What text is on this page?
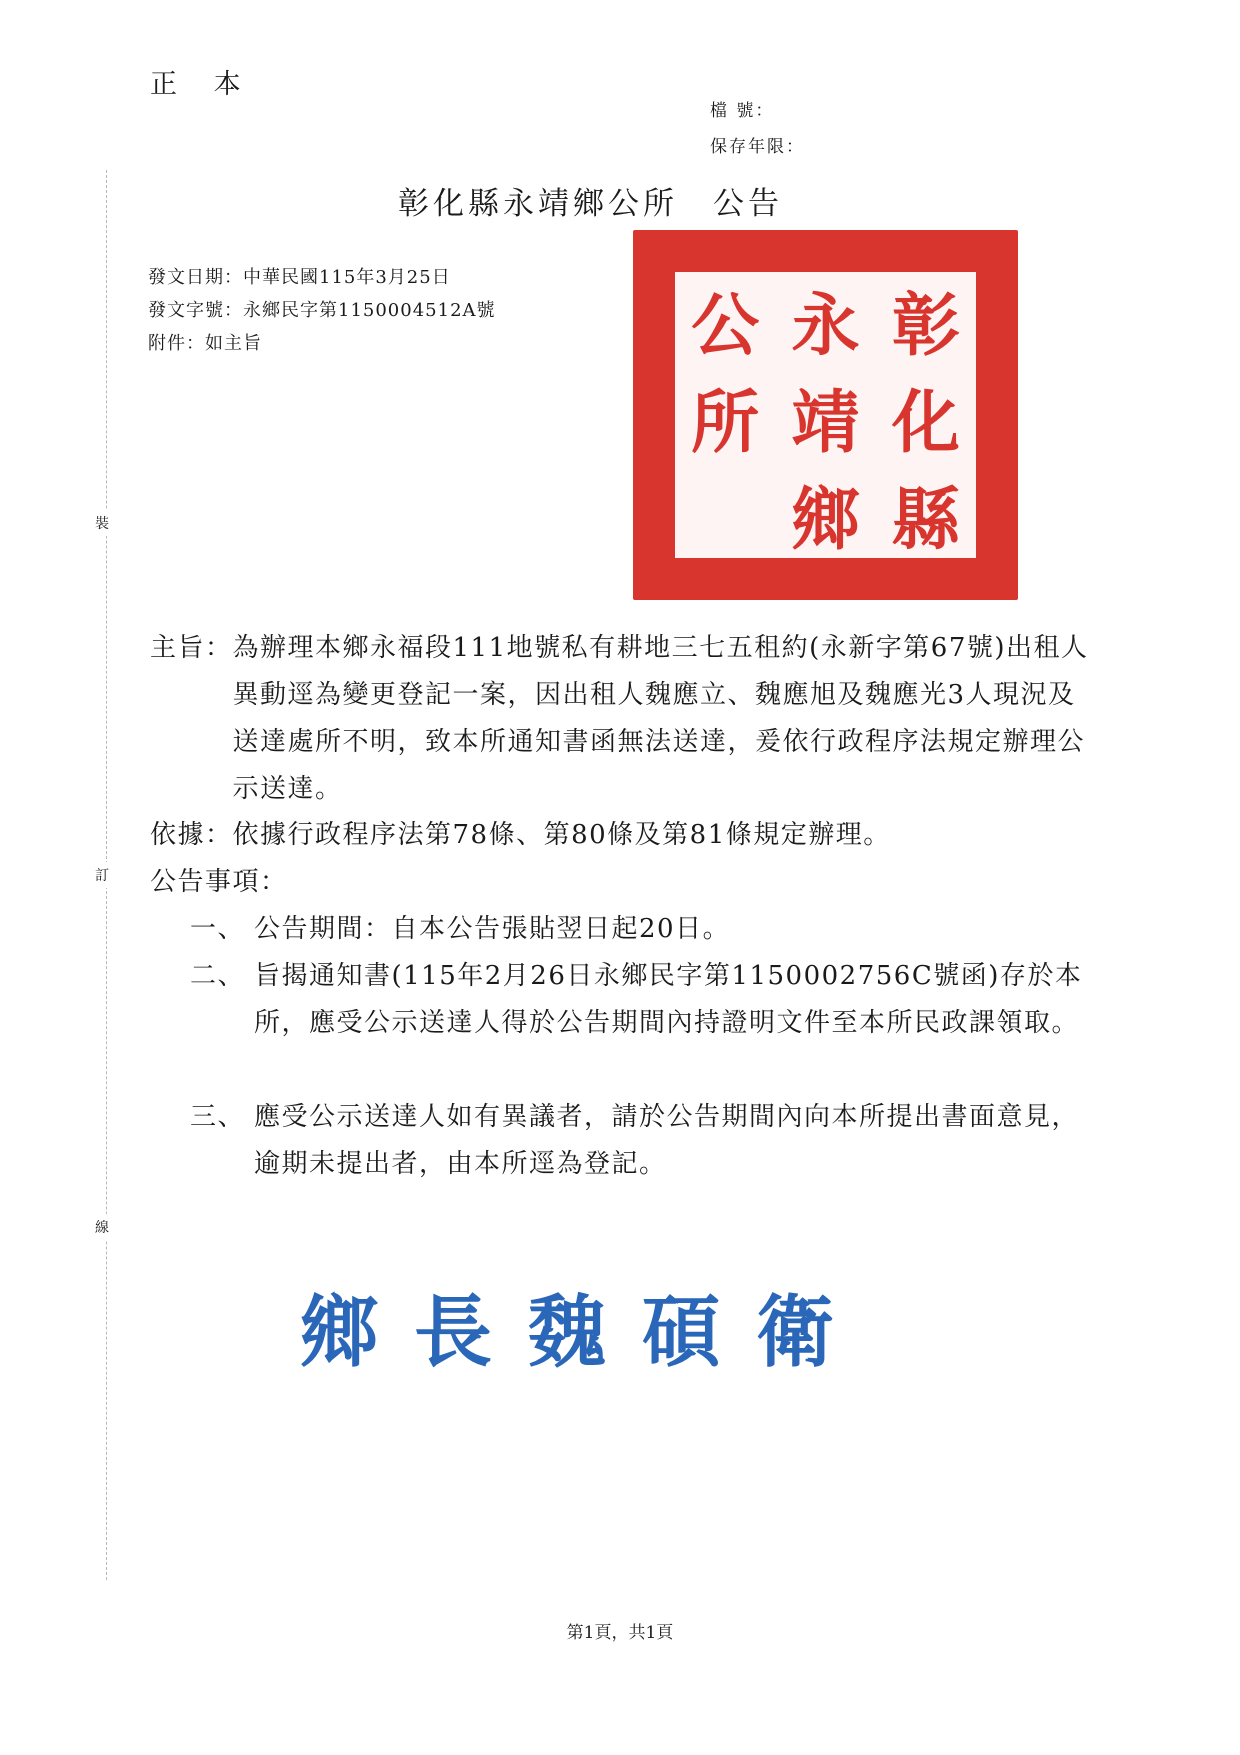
正 本
檔 號：
保存年限：
裝
訂
線
彰化縣永靖鄉公所　公告
發文日期：中華民國115年3月25日
發文字號：永鄉民字第1150004512A號
附件：如主旨	彰
化
縣
永
靖
鄉
公
所
主旨： 為辦理本鄉永福段111地號私有耕地三七五租約(永新字第67號)出租人異動逕為變更登記一案，因出租人魏應立、魏應旭及魏應光3人現況及送達處所不明，致本所通知書函無法送達，爰依行政程序法規定辦理公示送達。
依據： 依據行政程序法第78條、第80條及第81條規定辦理。
公告事項：
一、 公告期間：自本公告張貼翌日起20日。
二、 旨揭通知書(115年2月26日永鄉民字第1150002756C號函)存於本所，應受公示送達人得於公告期間內持證明文件至本所民政課領取。
三、 應受公示送達人如有異議者，請於公告期間內向本所提出書面意見，逾期未提出者，由本所逕為登記。
鄉長魏碩衛
第1頁，共1頁
